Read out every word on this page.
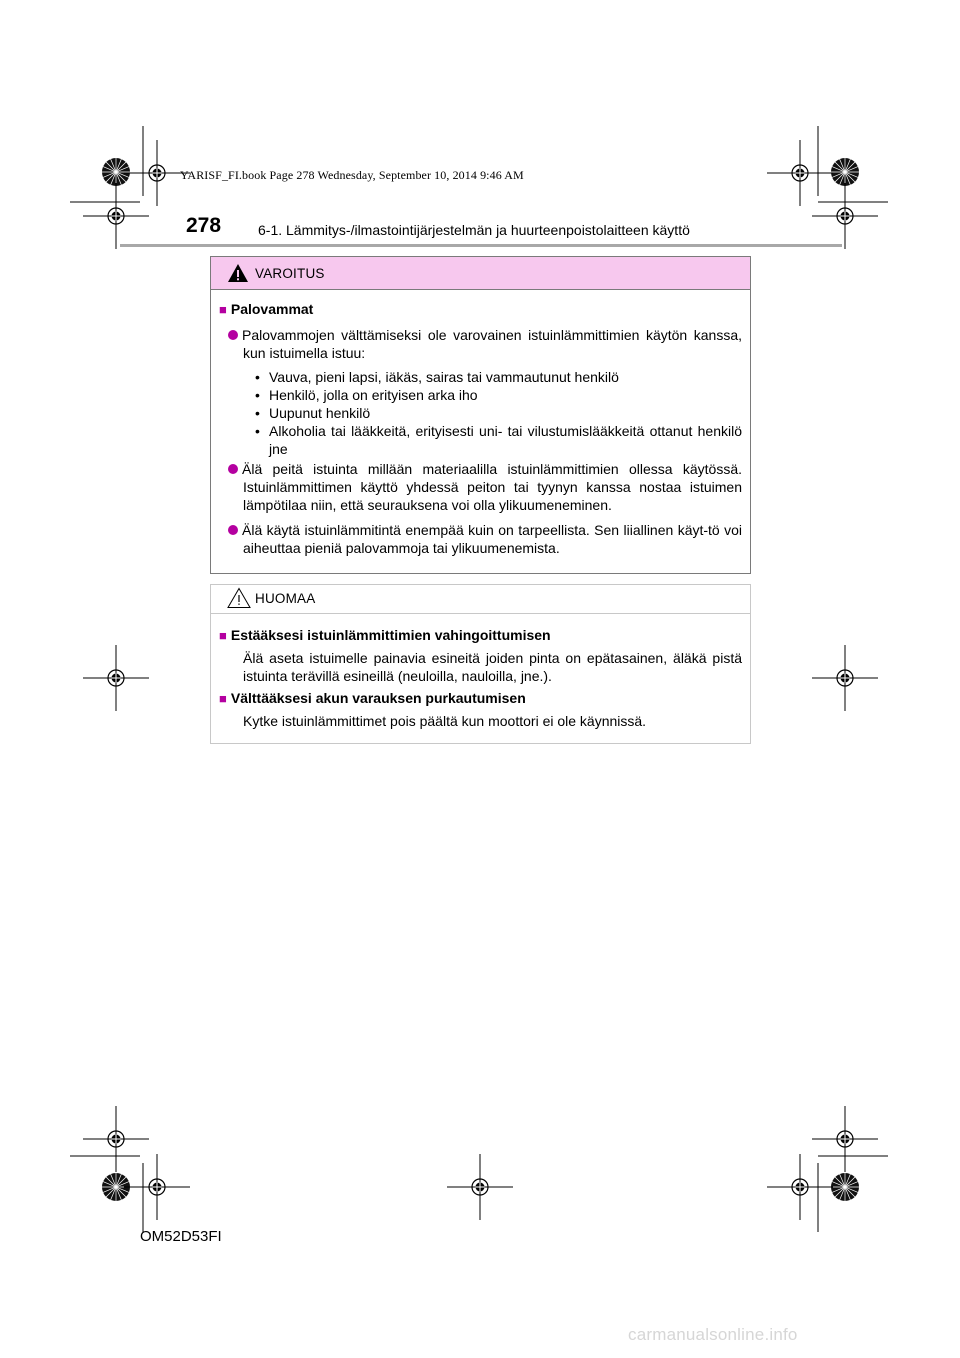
YARISF_FI.book Page 278 Wednesday, September 10, 2014 9:46 AM
278	6-1. Lämmitys-/ilmastointijärjestelmän ja huurteenpoistolaitteen käyttö
VAROITUS
■ Palovammat
Palovammojen välttämiseksi ole varovainen istuinlämmittimien käytön kanssa, kun istuimella istuu:
• Vauva, pieni lapsi, iäkäs, sairas tai vammautunut henkilö
• Henkilö, jolla on erityisen arka iho
• Uupunut henkilö
• Alkoholia tai lääkkeitä, erityisesti uni- tai vilustumislääkkeitä ottanut henkilö jne
Älä peitä istuinta millään materiaalilla istuinlämmittimien ollessa käytössä. Istuinlämmittimen käyttö yhdessä peiton tai tyynyn kanssa nostaa istuimen lämpötilaa niin, että seurauksena voi olla ylikuumeneminen.
Älä käytä istuinlämmitintä enempää kuin on tarpeellista. Sen liiallinen käyt-tö voi aiheuttaa pieniä palovammoja tai ylikuumenemista.
HUOMAA
■ Estääksesi istuinlämmittimien vahingoittumisen
Älä aseta istuimelle painavia esineitä joiden pinta on epätasainen, äläkä pistä istuinta terävillä esineillä (neuloilla, nauloilla, jne.).
■ Välttääksesi akun varauksen purkautumisen
Kytke istuinlämmittimet pois päältä kun moottori ei ole käynnissä.
OM52D53FI
carmanualsonline.info
